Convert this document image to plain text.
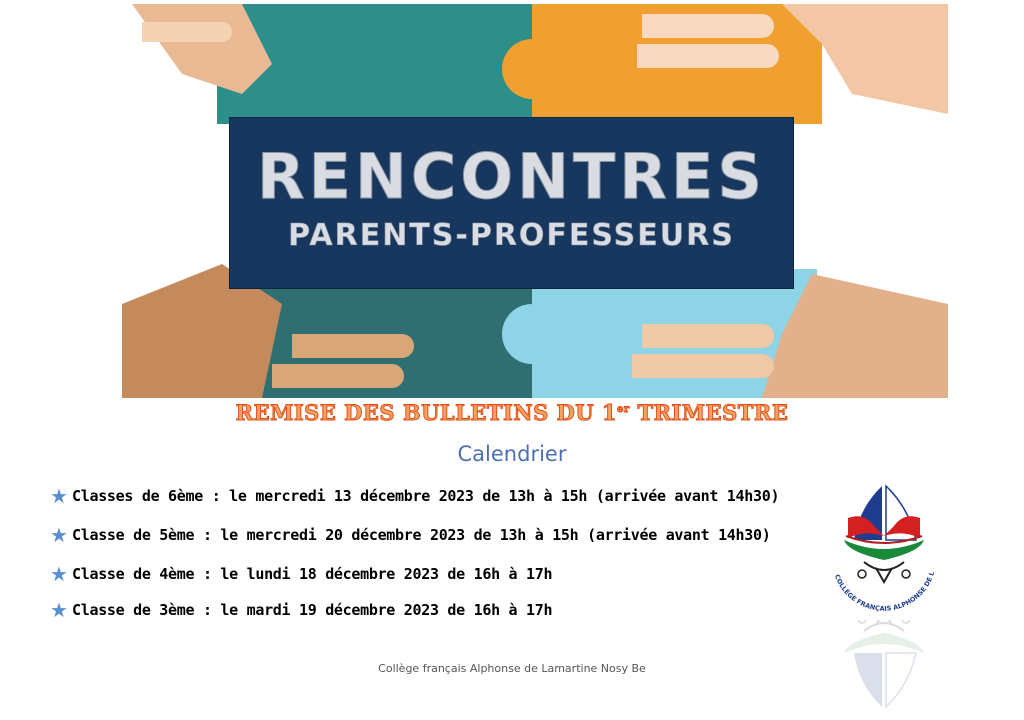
RENCONTRES
PARENTS-PROFESSEURS
REMISE DES BULLETINS DU 1er TRIMESTRE
Calendrier
★ Classes de 6ème : le mercredi 13 décembre 2023 de 13h à 15h (arrivée avant 14h30)
★ Classe de 5ème : le mercredi 20 décembre 2023 de 13h à 15h (arrivée avant 14h30)
★ Classe de 4ème : le lundi 18 décembre 2023 de 16h à 17h
★ Classe de 3ème : le mardi 19 décembre 2023 de 16h à 17h
COLLÈGE FRANÇAIS ALPHONSE DE L
Collège français Alphonse de Lamartine Nosy Be
